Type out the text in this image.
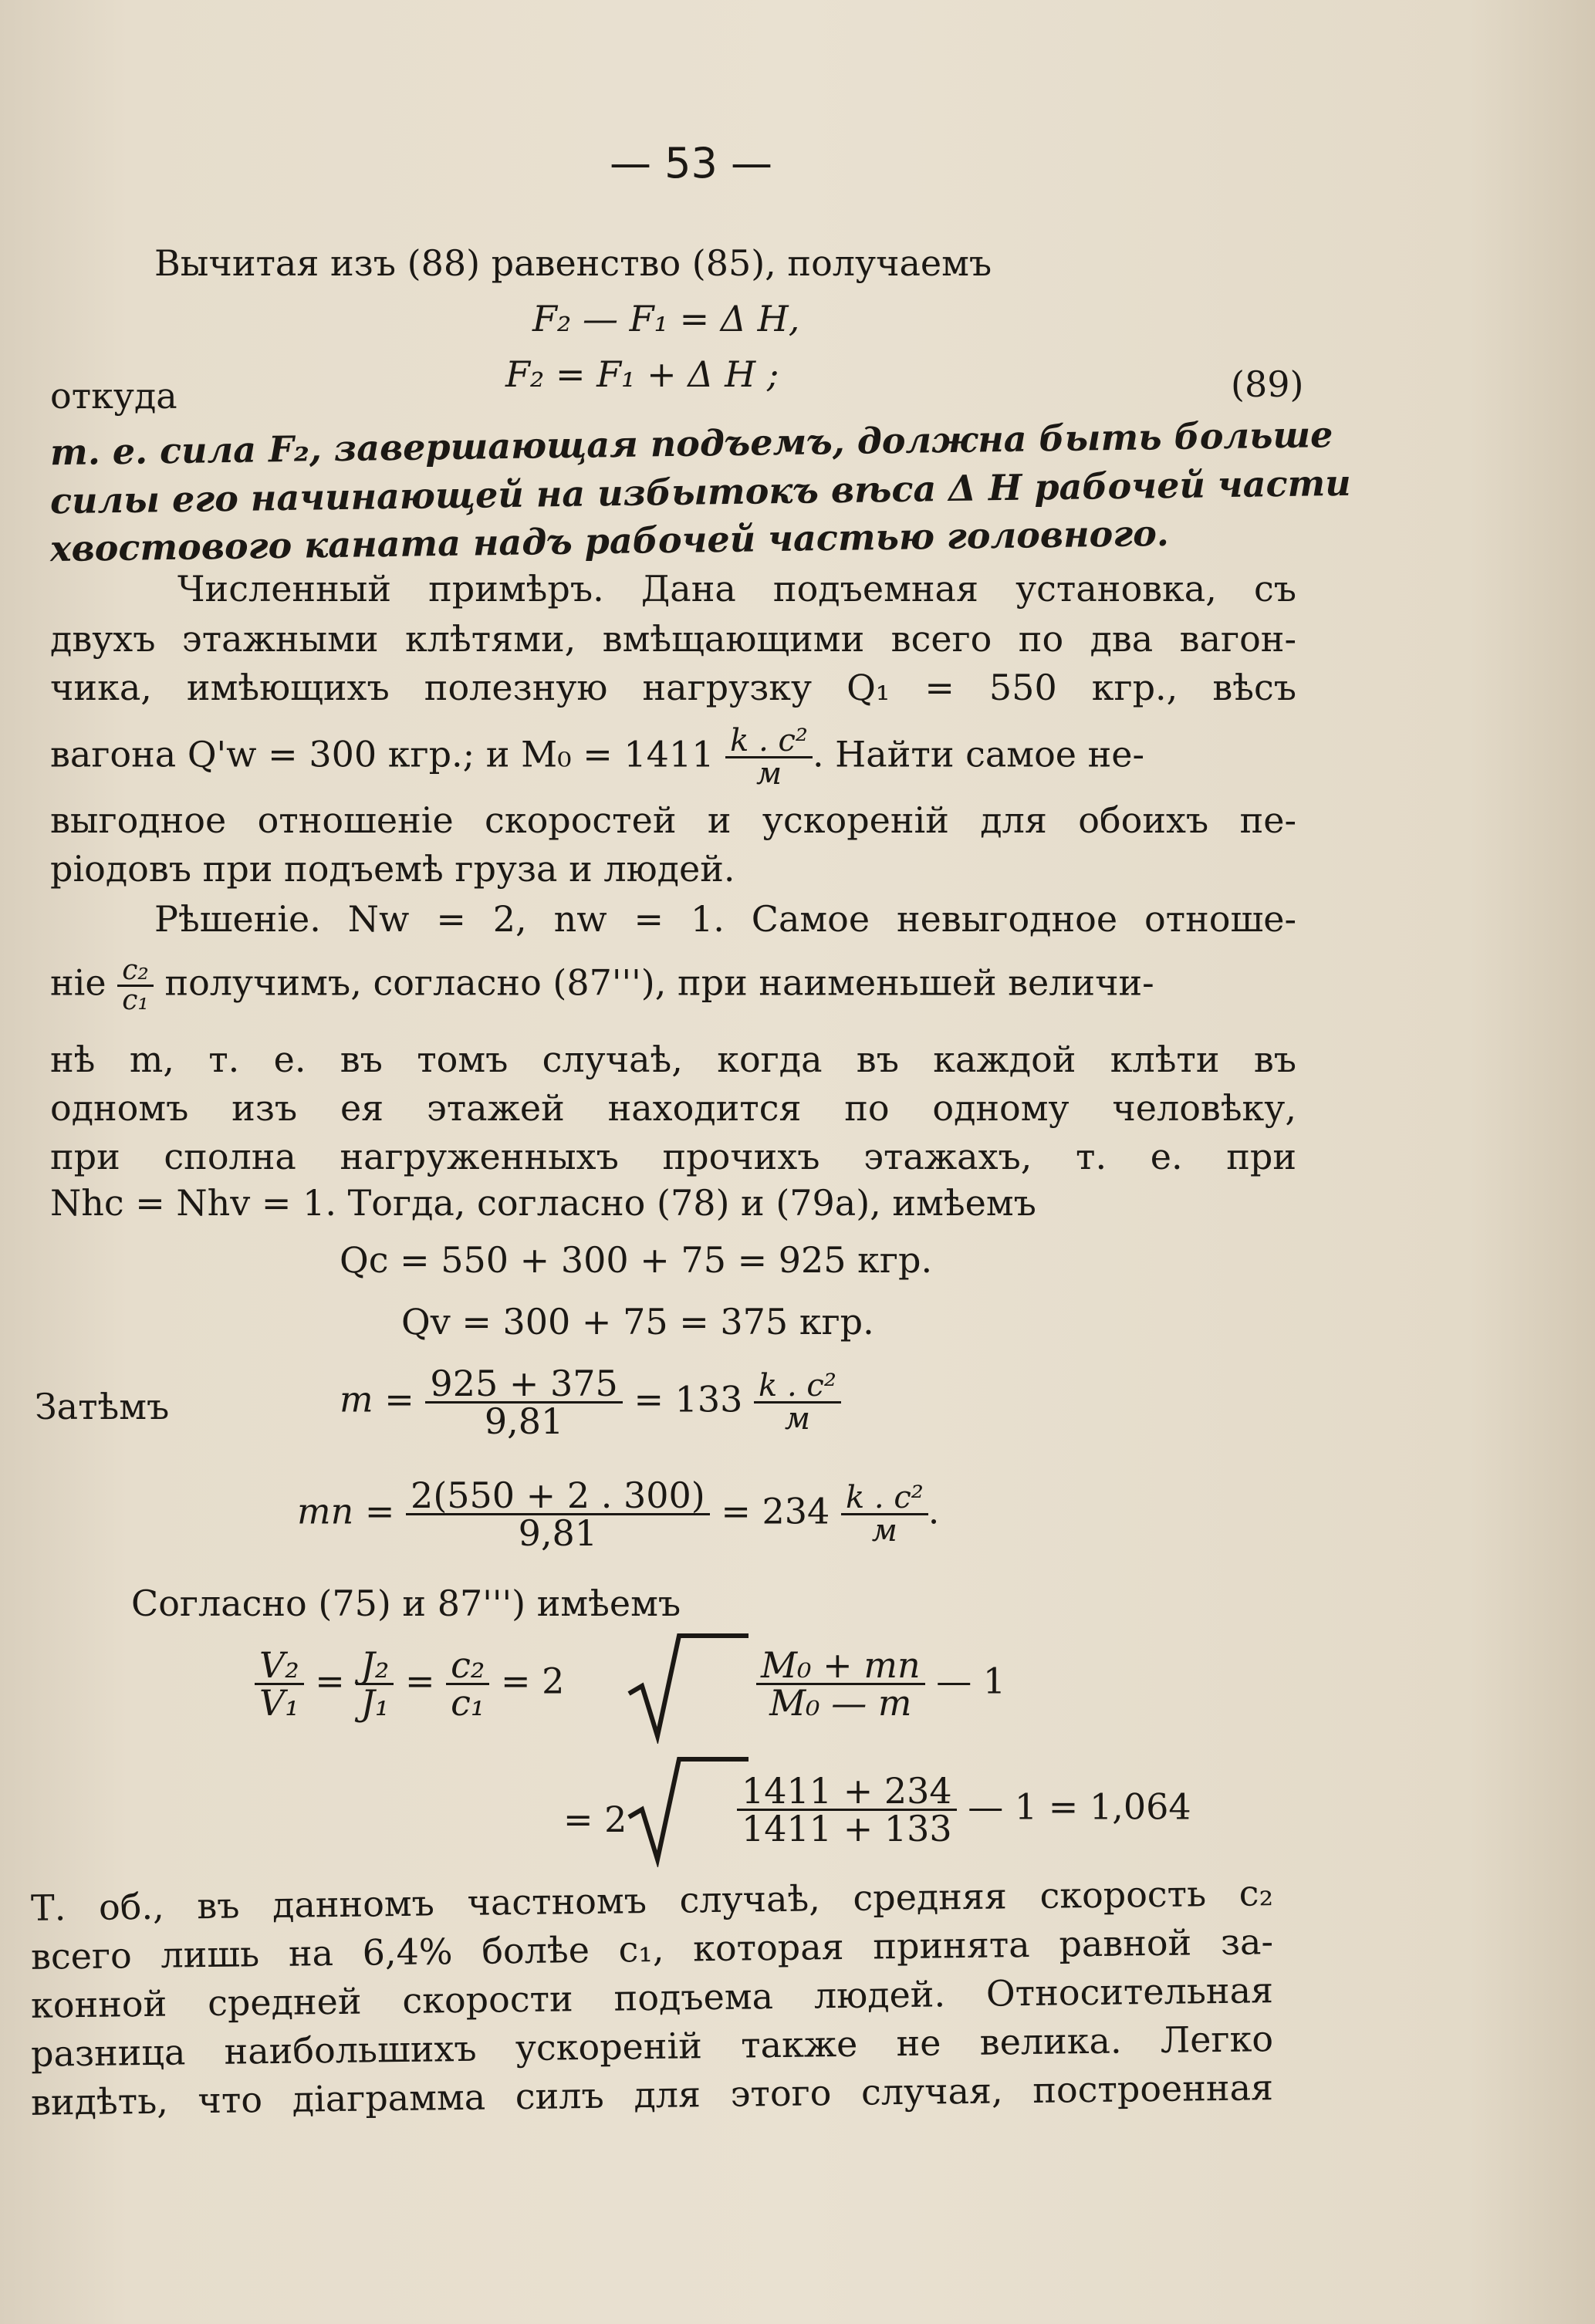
— 53 —
Вычитая изъ (88) равенство (85), получаемъ
F₂ — F₁ = Δ H,
откуда
F₂ = F₁ + Δ H ;	(89)
т. е. сила F₂, завершающая подъемъ, должна быть больше
силы его начинающей на избытокъ вѣса Δ H рабочей части
хвостового каната надъ рабочей частью головного.
Численный примѣръ. Дана подъемная установка, съ
двухъ этажными клѣтями, вмѣщающими всего по два вагон-
чика, имѣющихъ полезную нагрузку Q₁ = 550 кгр., вѣсъ
вагона Q'w = 300 кгр.; и $M_0 = 1411 \frac{\text{k . c²}}{м}$ . Найти самое не-
выгодное отношеніе скоростей и ускореній для обоихъ пе-
ріодовъ при подъемѣ груза и людей.
Рѣшеніе. Nw = 2, nw = 1. Самое невыгодное отноше-
ніе $\frac{\text{c₂}}{\text{c₁}}$ получимъ, согласно (87'''), при наименьшей величи-
нѣ m, т. е. въ томъ случаѣ, когда въ каждой клѣти въ
одномъ изъ ея этажей находится по одному человѣку,
при сполна нагруженныхъ прочихъ этажахъ, т. е. при
Nhc = Nhv = 1. Тогда, согласно (78) и (79a), имѣемъ
Qc = 550 + 300 + 75 = 925 кгр.
Qv = 300 + 75 = 375 кгр.
Затѣмъ	$m = \frac{925 + 375}{9,81} = 133 \frac{\text{k . c²}}{м}$
mn = $\frac{2(550 + 2 . 300)}{9,81} = 234 \frac{\text{k . c²}}{м}$ .
Согласно (75) и 87''') имѣемъ
$\frac{\text{V₂}}{\text{V₁}} = \frac{\text{J₂}}{\text{J₁}} = \frac{\text{c₂}}{\text{c₁}} = 2$	$\frac{\text{M₀ + mn}}{\text{M₀ — m}}$ — 1
= 2	$\frac{1411 + 234}{1411 + 133}$ — 1 = 1,064
Т. об., въ данномъ частномъ случаѣ, средняя скорость c₂
всего лишь на 6,4% болѣе c₁, которая принята равной за-
конной средней скорости подъема людей. Относительная
разница наибольшихъ ускореній также не велика. Легко
видѣть, что діаграмма силъ для этого случая, построенная
